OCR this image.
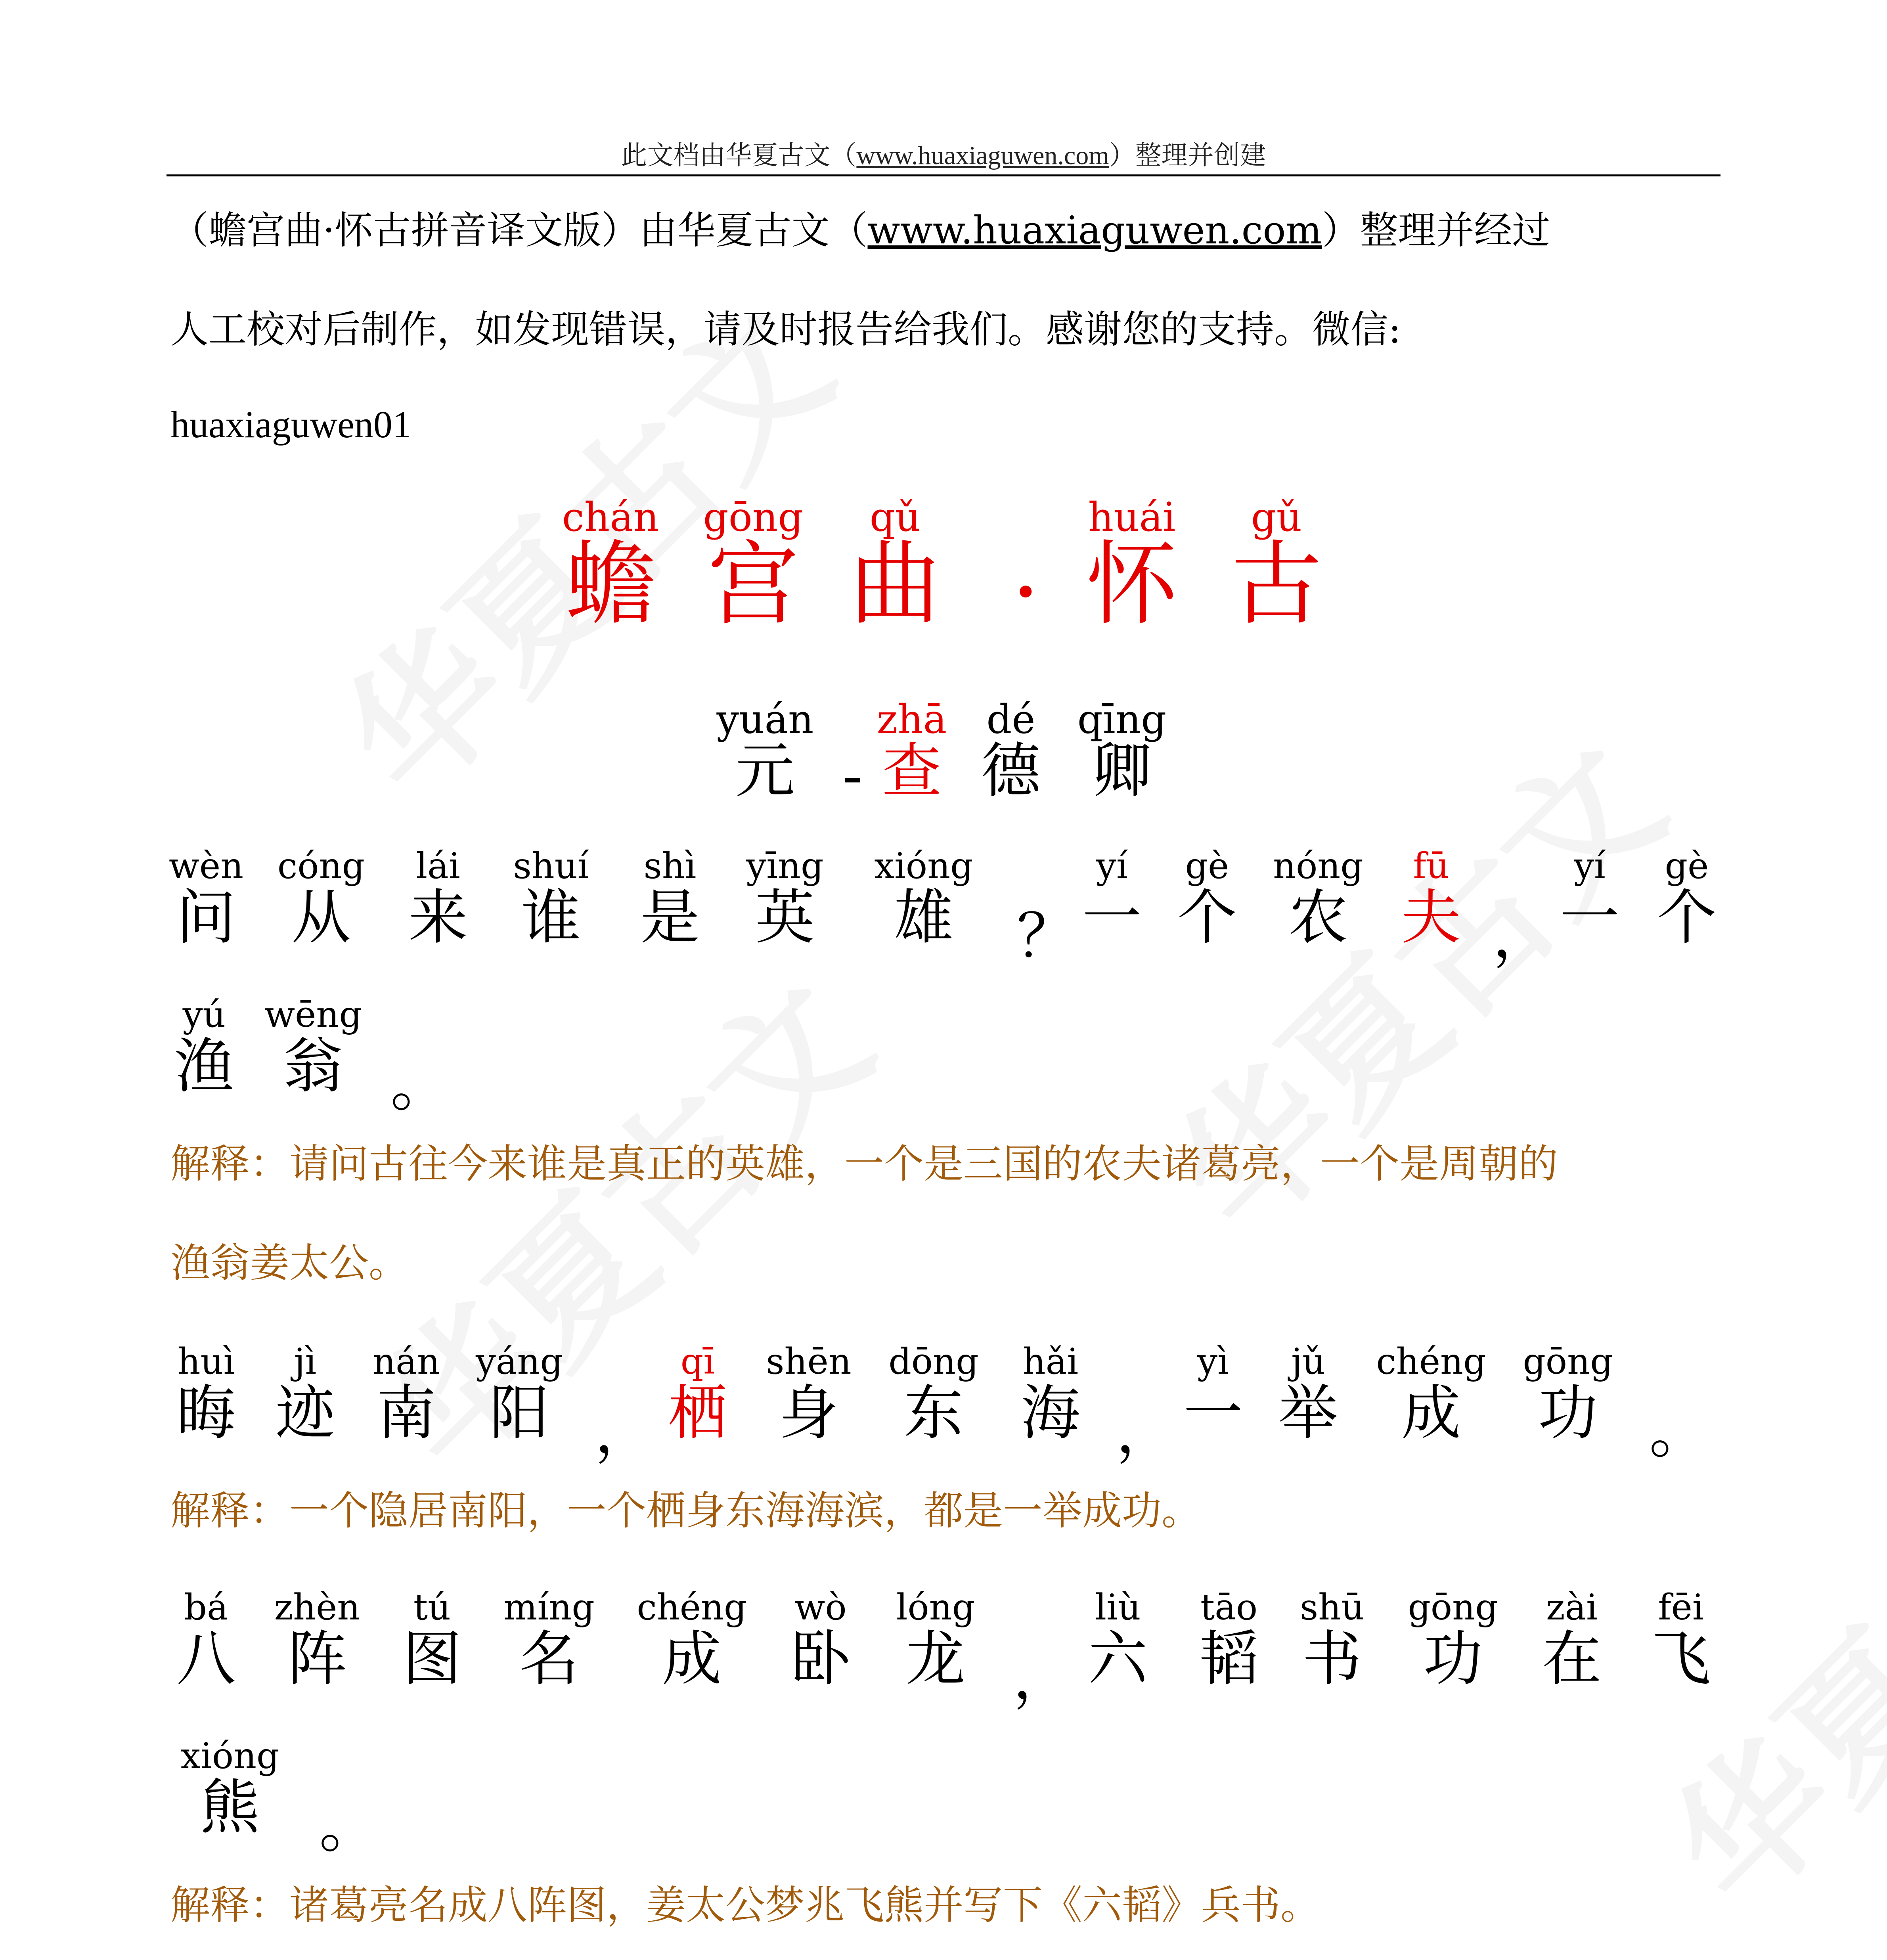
此文档由华夏古文（www.huaxiaguwen.com）整理并创建
（蟾宫曲·怀古拼音译文版）由华夏古文（www.huaxiaguwen.com）整理并经过
人工校对后制作，如发现错误，请及时报告给我们。感谢您的支持。微信:
huaxiaguwen01
chán
蟾
gōng
宫
qǔ
曲 ·
huái
怀
gǔ
古
yuán
元 -
zhā
查
dé
德
qīng
卿
wèn
问
cóng
从
lái
来
shuí
谁
shì
是
yīng
英
xióng
雄 ？
yí
一
gè
个
nóng
农
fū
夫 ，
yí
一
gè
个
yú
渔
wēng
翁 。
解释：请问古往今来谁是真正的英雄，一个是三国的农夫诸葛亮，一个是周朝的
渔翁姜太公。
huì
晦
jì
迹
nán
南
yáng
阳 ，
qī
栖
shēn
身
dōng
东
hǎi
海 ，
yì
一
jǔ
举
chéng
成
gōng
功 。
解释：一个隐居南阳，一个栖身东海海滨，都是一举成功。
bá
八
zhèn
阵
tú
图
míng
名
chéng
成
wò
卧
lóng
龙 ，
liù
六
tāo
韬
shū
书
gōng
功
zài
在
fēi
飞
xióng
熊 。
解释：诸葛亮名成八阵图，姜太公梦兆飞熊并写下《六韬》兵书。
